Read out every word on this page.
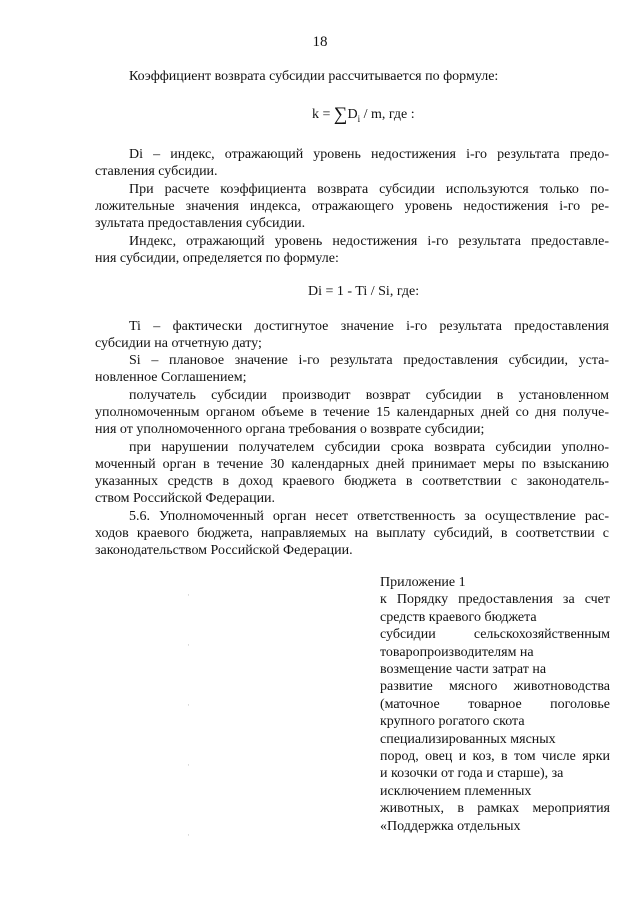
18
Коэффициент возврата субсидии рассчитывается по формуле:
$k = \sum D_i / m$, где :
Di – индекс, отражающий уровень недостижения i-го результата предо-
ставления субсидии.
При расчете коэффициента возврата субсидии используются только по-
ложительные значения индекса, отражающего уровень недостижения i-го ре-
зультата предоставления субсидии.
Индекс, отражающий уровень недостижения i-го результата предоставле-
ния субсидии, определяется по формуле:
Di = 1 - Ti / Si, где:
Ti – фактически достигнутое значение i-го результата предоставления
субсидии на отчетную дату;
Si – плановое значение i-го результата предоставления субсидии, уста-
новленное Соглашением;
получатель субсидии производит возврат субсидии в установленном
уполномоченным органом объеме в течение 15 календарных дней со дня получе-
ния от уполномоченного органа требования о возврате субсидии;
при нарушении получателем субсидии срока возврата субсидии уполно-
моченный орган в течение 30 календарных дней принимает меры по взысканию
указанных средств в доход краевого бюджета в соответствии с законодатель-
ством Российской Федерации.
5.6. Уполномоченный орган несет ответственность за осуществление рас-
ходов краевого бюджета, направляемых на выплату субсидий, в соответствии с
законодательством Российской Федерации.
Приложение 1
к Порядку предоставления за счет
средств краевого бюджета
субсидии сельскохозяйственным
товаропроизводителям на
возмещение части затрат на
развитие мясного животноводства
(маточное товарное поголовье
крупного рогатого скота
специализированных мясных
пород, овец и коз, в том числе ярки
и козочки от года и старше), за
исключением племенных
животных, в рамках мероприятия
«Поддержка отдельных
·
·
·
·
·
